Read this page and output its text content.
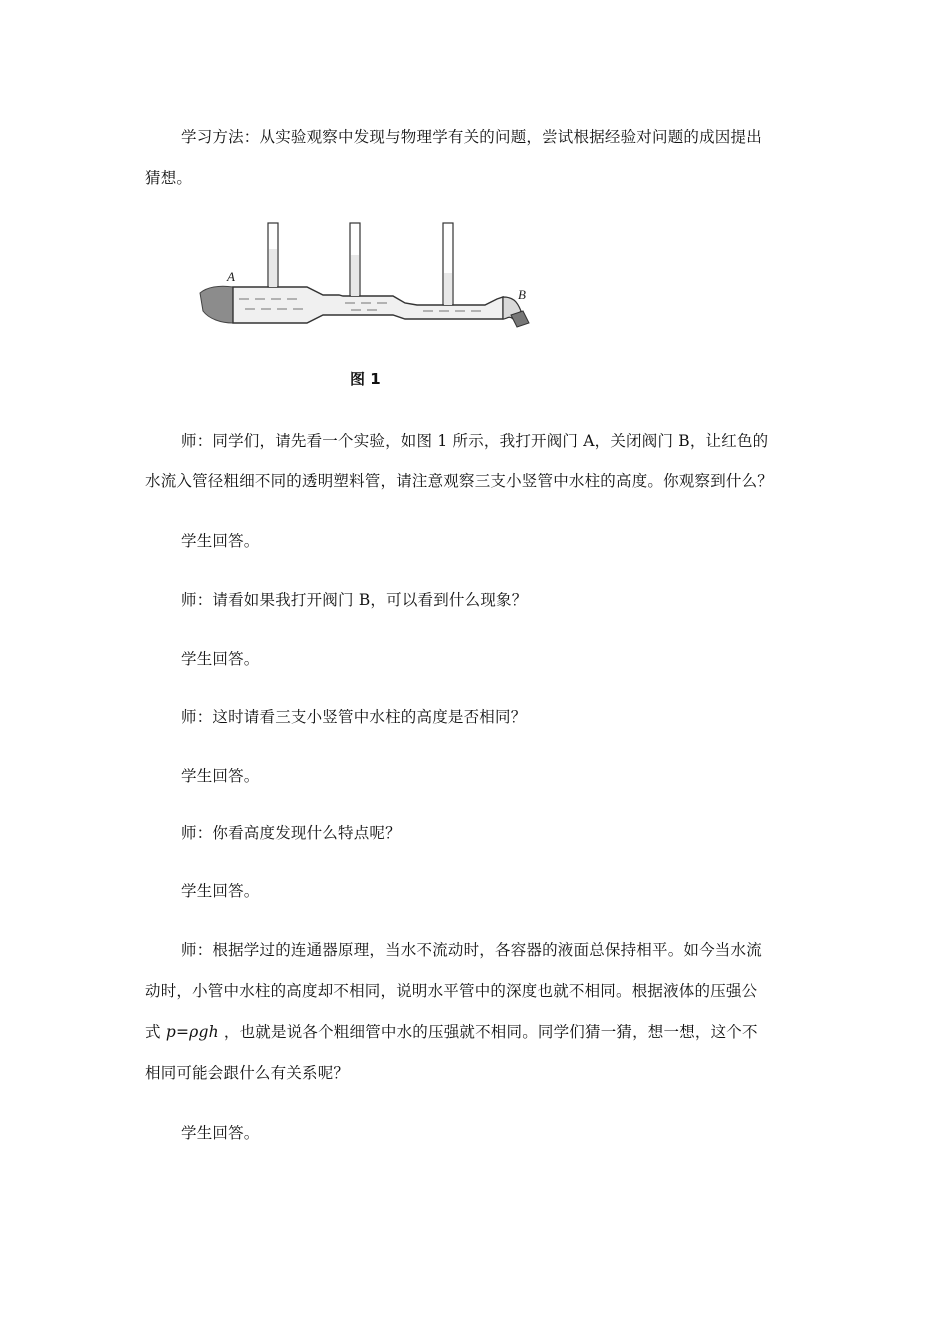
学习方法：从实验观察中发现与物理学有关的问题，尝试根据经验对问题的成因提出
猜想。
A
B
图 1
师：同学们，请先看一个实验，如图 1 所示，我打开阀门 A，关闭阀门 B，让红色的
水流入管径粗细不同的透明塑料管，请注意观察三支小竖管中水柱的高度。你观察到什么？
学生回答。
师：请看如果我打开阀门 B，可以看到什么现象？
学生回答。
师：这时请看三支小竖管中水柱的高度是否相同？
学生回答。
师：你看高度发现什么特点呢？
学生回答。
师：根据学过的连通器原理，当水不流动时，各容器的液面总保持相平。如今当水流
动时，小管中水柱的高度却不相同，说明水平管中的深度也就不相同。根据液体的压强公
式 p=ρgh ，也就是说各个粗细管中水的压强就不相同。同学们猜一猜，想一想，这个不
相同可能会跟什么有关系呢？
学生回答。
